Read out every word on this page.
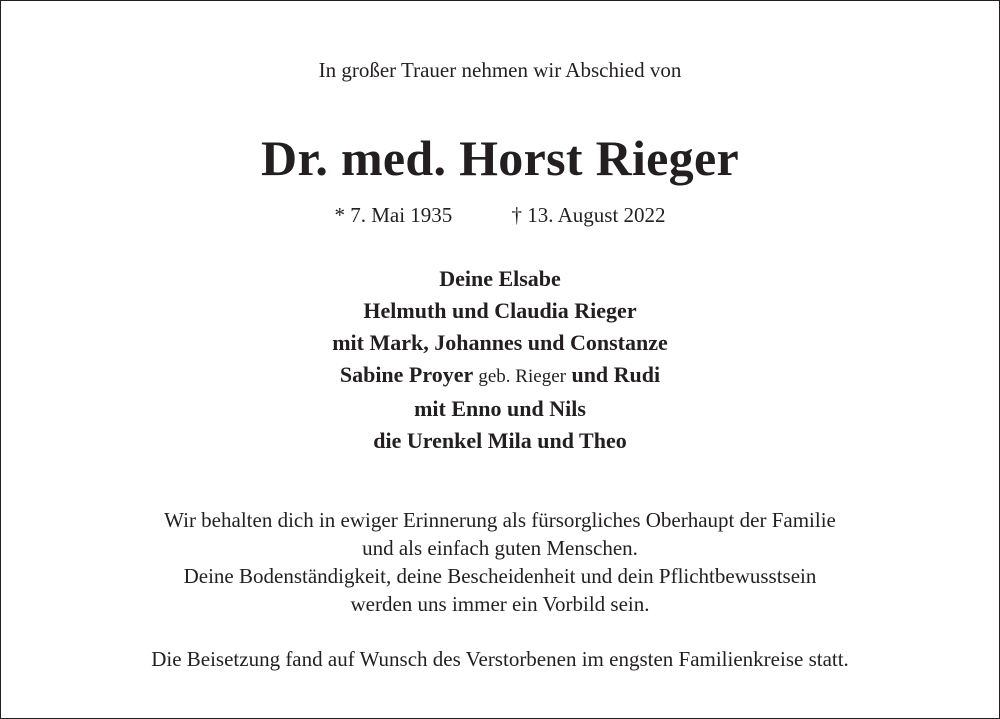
In großer Trauer nehmen wir Abschied von
Dr. med. Horst Rieger
* 7. Mai 1935	† 13. August 2022
Deine Elsabe
Helmuth und Claudia Rieger
mit Mark, Johannes und Constanze
Sabine Proyer geb. Rieger und Rudi
mit Enno und Nils
die Urenkel Mila und Theo
Wir behalten dich in ewiger Erinnerung als fürsorgliches Oberhaupt der Familie
und als einfach guten Menschen.
Deine Bodenständigkeit, deine Bescheidenheit und dein Pflichtbewusstsein
werden uns immer ein Vorbild sein.
Die Beisetzung fand auf Wunsch des Verstorbenen im engsten Familienkreise statt.
